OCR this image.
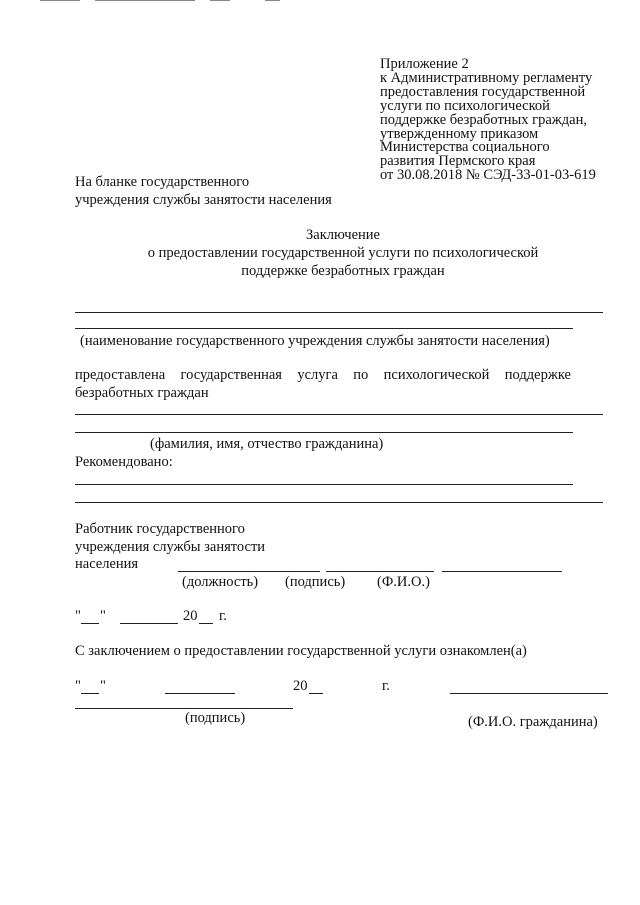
Приложение 2
к Административному регламенту
предоставления государственной
услуги по психологической
поддержке безработных граждан,
утвержденному приказом
Министерства социального
развития Пермского края
от 30.08.2018 № СЭД-33-01-03-619
На бланке государственного
учреждения службы занятости населения
Заключение
о предоставлении государственной услуги по психологической
поддержке безработных граждан
(наименование государственного учреждения службы занятости населения)
предоставлена государственная услуга по психологической поддержке
безработных граждан
(фамилия, имя, отчество гражданина)
Рекомендовано:
Работник государственного
учреждения службы занятости
населения
(должность) (подпись) (Ф.И.О.)
" "	20 г.
С заключением о предоставлении государственной услуги ознакомлен(а)
" "	20	г.
(подпись)	(Ф.И.О. гражданина)
